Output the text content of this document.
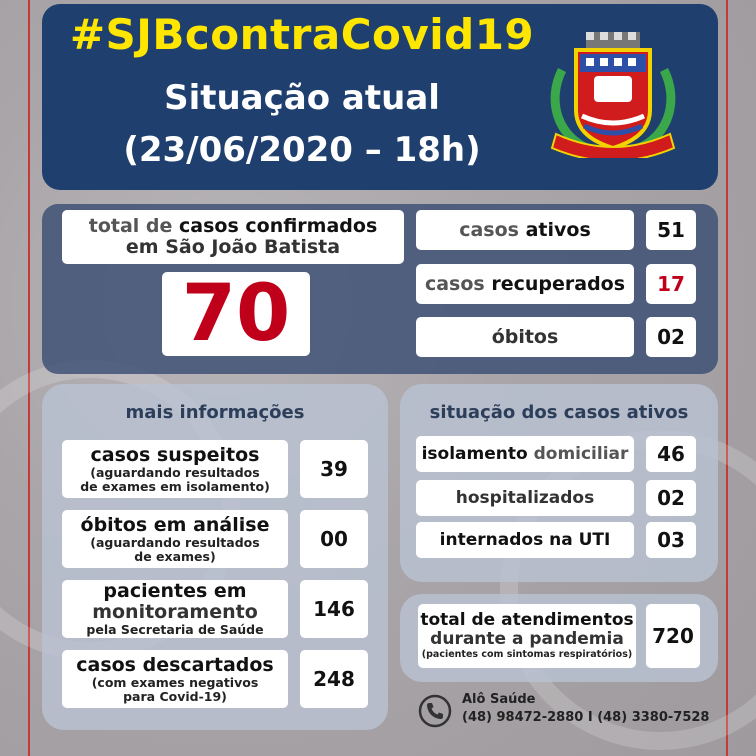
#SJBcontraCovid19
Situação atual
(23/06/2020 – 18h)
total de casos confirmados
em São João Batista
70
casos ativos	51
casos recuperados 17
óbitos	02
mais informações
casos suspeitos
(aguardando resultados
de exames em isolamento)
39
óbitos em análise
(aguardando resultados
de exames)
00
pacientes em
monitoramento
pela Secretaria de Saúde
146
casos descartados
(com exames negativos
para Covid-19)
248
situação dos casos ativos
isolamento domiciliar 46
hospitalizados	02
internados na UTI 03
total de atendimentos
durante a pandemia
(pacientes com sintomas respiratórios)
720
Alô Saúde
(48) 98472-2880 I (48) 3380-7528
